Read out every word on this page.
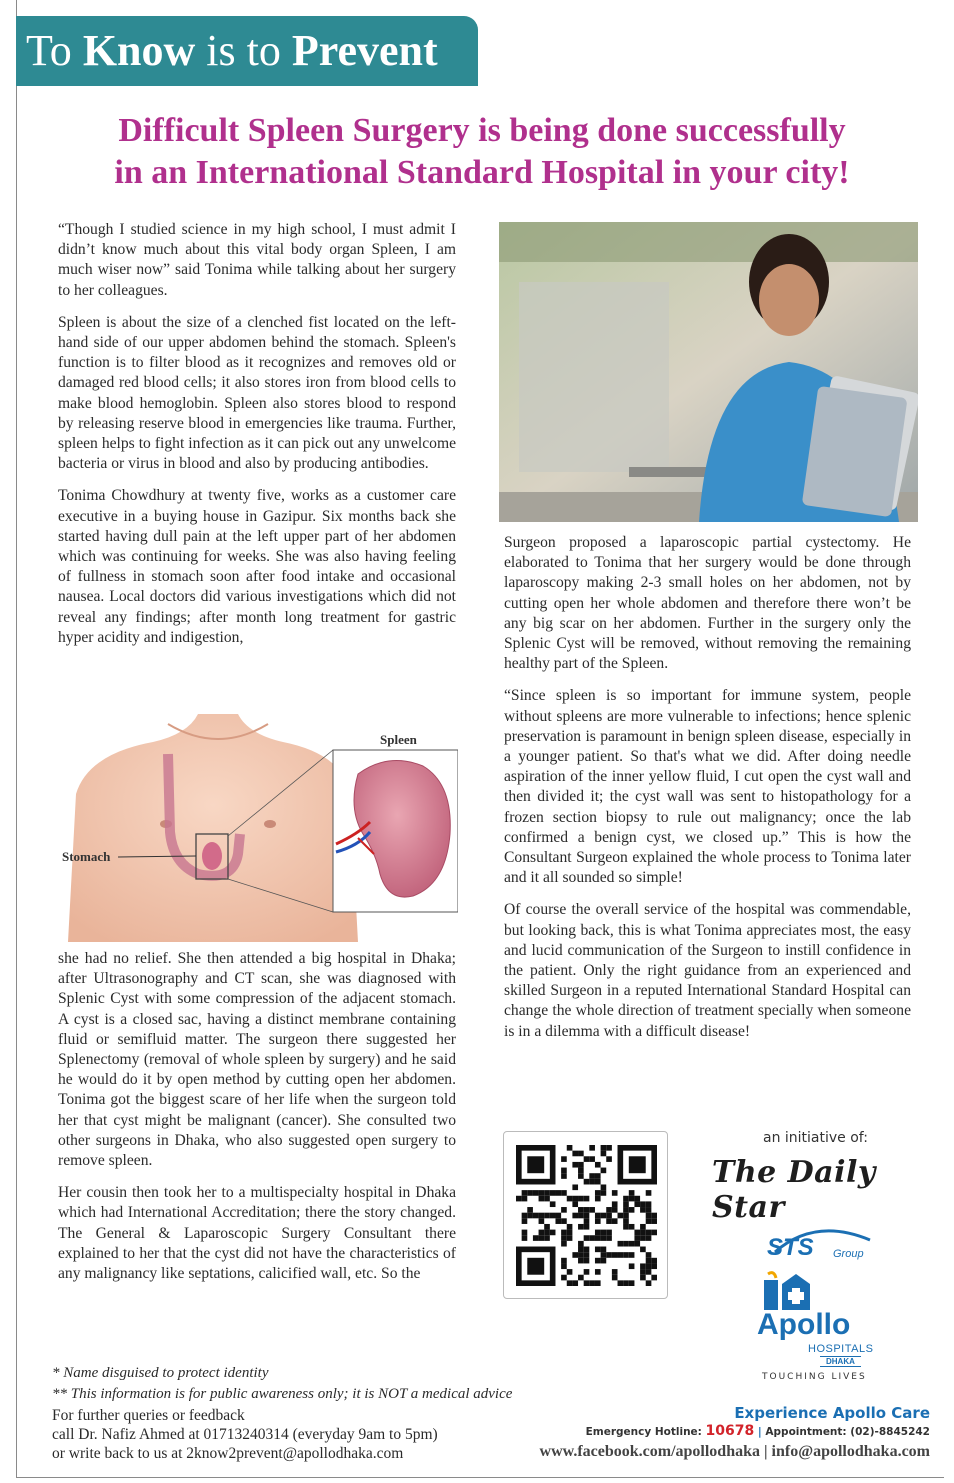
To Know is to Prevent
Difficult Spleen Surgery is being done successfully
in an International Standard Hospital in your city!

“Though I studied science in my high school, I must admit I didn’t know much about this vital body organ Spleen, I am much wiser now” said Tonima while talking about her surgery to her colleagues.

Spleen is about the size of a clenched fist located on the left-hand side of our upper abdomen behind the stomach. Spleen's function is to filter blood as it recognizes and removes old or damaged red blood cells; it also stores iron from blood cells to make blood hemoglobin. Spleen also stores blood to respond by releasing reserve blood in emergencies like trauma. Further, spleen helps to fight infection as it can pick out any unwelcome bacteria or virus in blood and also by producing antibodies.

Tonima Chowdhury at twenty five, works as a customer care executive in a buying house in Gazipur. Six months back she started having dull pain at the left upper part of her abdomen which was continuing for weeks. She was also having feeling of fullness in stomach soon after food intake and occasional nausea. Local doctors did various investigations which did not reveal any findings; after month long treatment for gastric hyper acidity and indigestion,

Stomach
Spleen

she had no relief. She then attended a big hospital in Dhaka; after Ultrasonography and CT scan, she was diagnosed with Splenic Cyst with some compression of the adjacent stomach. A cyst is a closed sac, having a distinct membrane containing fluid or semifluid matter. The surgeon there suggested her Splenectomy (removal of whole spleen by surgery) and he said he would do it by open method by cutting open her abdomen. Tonima got the biggest scare of her life when the surgeon told her that cyst might be malignant (cancer). She consulted two other surgeons in Dhaka, who also suggested open surgery to remove spleen.

Her cousin then took her to a multispecialty hospital in Dhaka which had International Accreditation; there the story changed. The General & Laparoscopic Surgery Consultant there explained to her that the cyst did not have the characteristics of any malignancy like septations, calicified wall, etc. So the

Surgeon proposed a laparoscopic partial cystectomy. He elaborated to Tonima that her surgery would be done through laparoscopy making 2-3 small holes on her abdomen, not by cutting open her whole abdomen and therefore there won’t be any big scar on her abdomen. Further in the surgery only the Splenic Cyst will be removed, without removing the remaining healthy part of the Spleen.

“Since spleen is so important for immune system, people without spleens are more vulnerable to infections; hence splenic preservation is paramount in benign spleen disease, especially in a younger patient. So that's what we did. After doing needle aspiration of the inner yellow fluid, I cut open the cyst wall and then divided it; the cyst wall was sent to histopathology for a frozen section biopsy to rule out malignancy; once the lab confirmed a benign cyst, we closed up.” This is how the Consultant Surgeon explained the whole process to Tonima later and it all sounded so simple!

Of course the overall service of the hospital was commendable, but looking back, this is what Tonima appreciates most, the easy and lucid communication of the Surgeon to instill confidence in the patient. Only the right guidance from an experienced and skilled Surgeon in a reputed International Standard Hospital can change the whole direction of treatment specially when someone is in a dilemma with a difficult disease!

an initiative of:
The Daily Star
STS Group
Apollo
HOSPITALS
DHAKA
TOUCHING LIVES
* Name disguised to protect identity
** This information is for public awareness only; it is NOT a medical advice
For further queries or feedback
call Dr. Nafiz Ahmed at 01713240314 (everyday 9am to 5pm)
or write back to us at 2know2prevent@apollodhaka.com
Experience Apollo Care
Emergency Hotline: 10678 | Appointment: (02)-8845242
www.facebook.com/apollodhaka | info@apollodhaka.com
